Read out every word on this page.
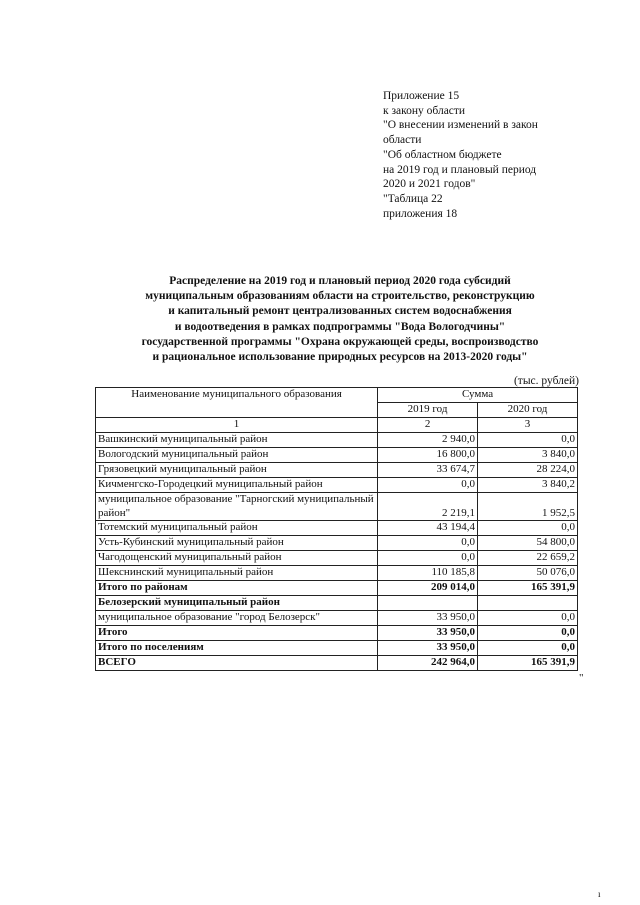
Приложение 15
к закону области
"О внесении изменений в закон
области
"Об областном бюджете
на 2019 год и плановый период
2020 и 2021 годов"
"Таблица 22
приложения 18
Распределение на 2019 год и плановый период 2020 года субсидий
муниципальным образованиям области на строительство, реконструкцию
и капитальный ремонт централизованных систем водоснабжения
и водоотведения в рамках подпрограммы "Вода Вологодчины"
государственной программы "Охрана окружающей среды, воспроизводство
и рациональное использование природных ресурсов на 2013-2020 годы"
(тыс. рублей)
Наименование муниципального образования	Сумма	
	2019 год	2020 год
1	2	3
Вашкинский муниципальный район	2 940,0	0,0
Вологодский муниципальный район	16 800,0	3 840,0
Грязовецкий муниципальный район	33 674,7	28 224,0
Кичменгско-Городецкий муниципальный район	0,0	3 840,2
муниципальное образование "Тарногский муниципальный район"	2 219,1	1 952,5
Тотемский муниципальный район	43 194,4	0,0
Усть-Кубинский муниципальный район	0,0	54 800,0
Чагодощенский муниципальный район	0,0	22 659,2
Шекснинский муниципальный район	110 185,8	50 076,0
Итого по районам	209 014,0	165 391,9
Белозерский муниципальный район		
муниципальное образование "город Белозерск"	33 950,0	0,0
Итого	33 950,0	0,0
Итого по поселениям	33 950,0	0,0
ВСЕГО	242 964,0	165 391,9
"
ı
